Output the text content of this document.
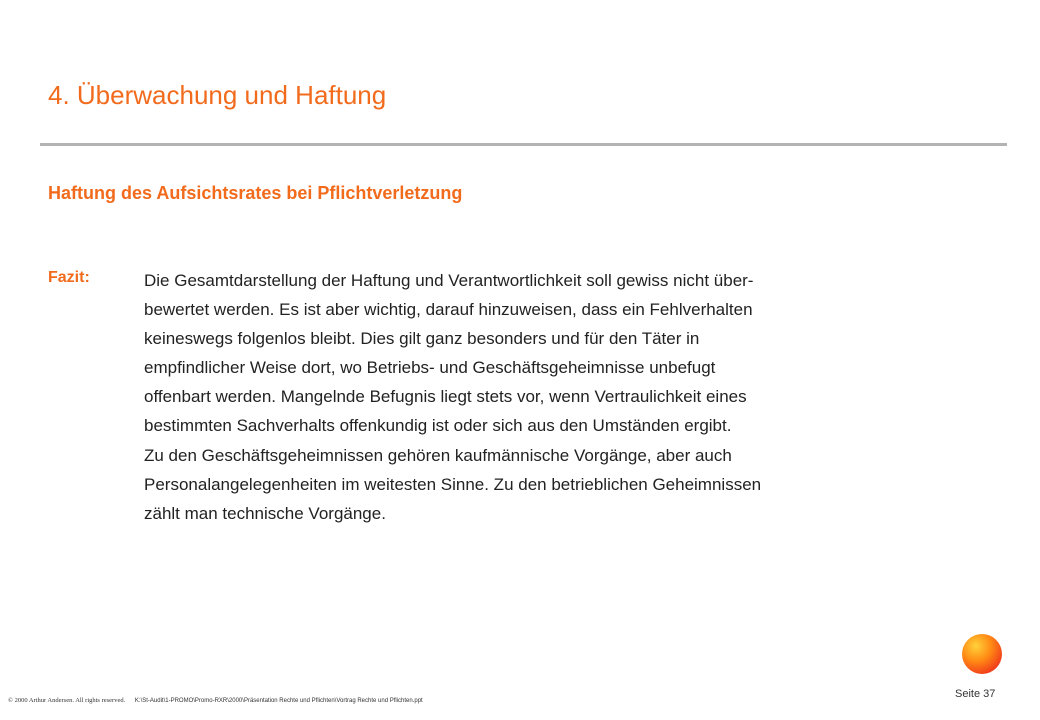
4. Überwachung und Haftung
Haftung des Aufsichtsrates bei Pflichtverletzung
Fazit:	Die Gesamtdarstellung der Haftung und Verantwortlichkeit soll gewiss nicht über-
bewertet werden. Es ist aber wichtig, darauf hinzuweisen, dass ein Fehlverhalten
keineswegs folgenlos bleibt. Dies gilt ganz besonders und für den Täter in
empfindlicher Weise dort, wo Betriebs- und Geschäftsgeheimnisse unbefugt
offenbart werden. Mangelnde Befugnis liegt stets vor, wenn Vertraulichkeit eines
bestimmten Sachverhalts offenkundig ist oder sich aus den Umständen ergibt.
Zu den Geschäftsgeheimnissen gehören kaufmännische Vorgänge, aber auch
Personalangelegenheiten im weitesten Sinne. Zu den betrieblichen Geheimnissen
zählt man technische Vorgänge.
© 2000 Arthur Andersen. All rights reserved. K:\St-Audit\1-PROMO\Promo-RXR\2000\Präsentation Rechte und Pflichten\Vortrag Rechte und Pflichten.ppt
Seite 37
